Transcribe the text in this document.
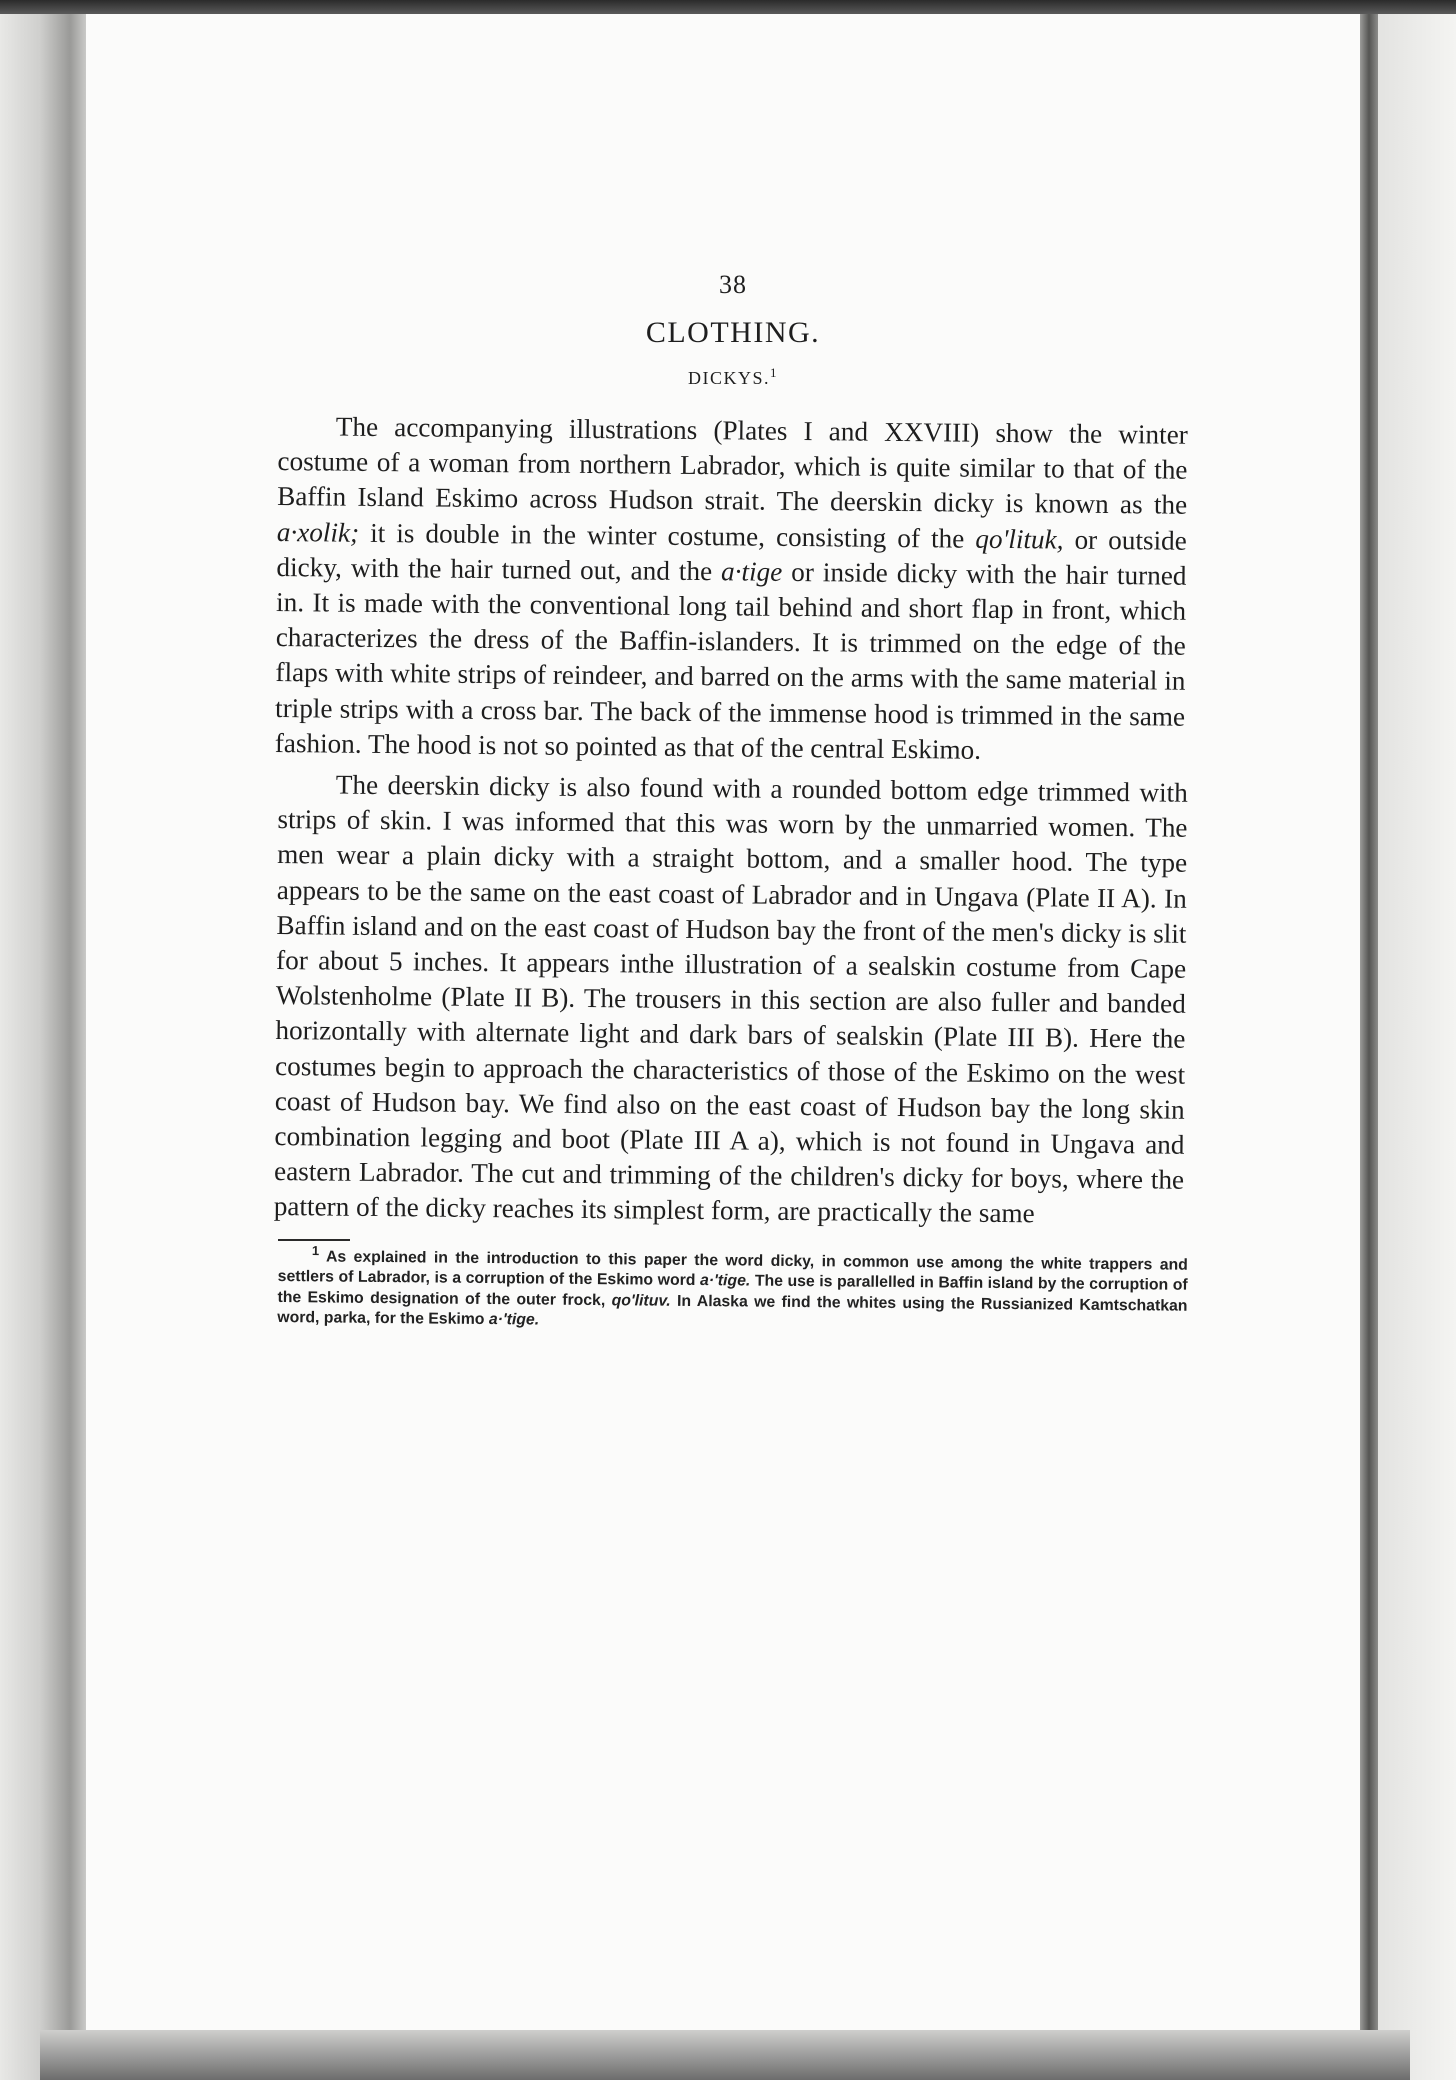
38
CLOTHING.
DICKYS.$^1$

The accompanying illustrations (Plates I and XXVIII) show the winter costume of a woman from northern Labrador, which is quite similar to that of the Baffin Island Eskimo across Hudson strait. The deerskin dicky is known as the a·xolik; it is double in the winter costume, consisting of the qo'lituk, or outside dicky, with the hair turned out, and the a·tige or inside dicky with the hair turned in. It is made with the conventional long tail behind and short flap in front, which characterizes the dress of the Baffin-islanders. It is trimmed on the edge of the flaps with white strips of reindeer, and barred on the arms with the same material in triple strips with a cross bar. The back of the immense hood is trimmed in the same fashion. The hood is not so pointed as that of the central Eskimo.

The deerskin dicky is also found with a rounded bottom edge trimmed with strips of skin. I was informed that this was worn by the unmarried women. The men wear a plain dicky with a straight bottom, and a smaller hood. The type appears to be the same on the east coast of Labrador and in Ungava (Plate II A). In Baffin island and on the east coast of Hudson bay the front of the men's dicky is slit for about 5 inches. It appears inthe illustration of a sealskin costume from Cape Wolstenholme (Plate II B). The trousers in this section are also fuller and banded horizontally with alternate light and dark bars of sealskin (Plate III B). Here the costumes begin to approach the characteristics of those of the Eskimo on the west coast of Hudson bay. We find also on the east coast of Hudson bay the long skin combination legging and boot (Plate III A a), which is not found in Ungava and eastern Labrador. The cut and trimming of the children's dicky for boys, where the pattern of the dicky reaches its simplest form, are practically the same

$^1$ As explained in the introduction to this paper the word dicky, in common use among the white trappers and settlers of Labrador, is a corruption of the Eskimo word a·'tige. The use is parallelled in Baffin island by the corruption of the Eskimo designation of the outer frock, qo'lituv. In Alaska we find the whites using the Russianized Kamtschatkan word, parka, for the Eskimo a·'tige.
